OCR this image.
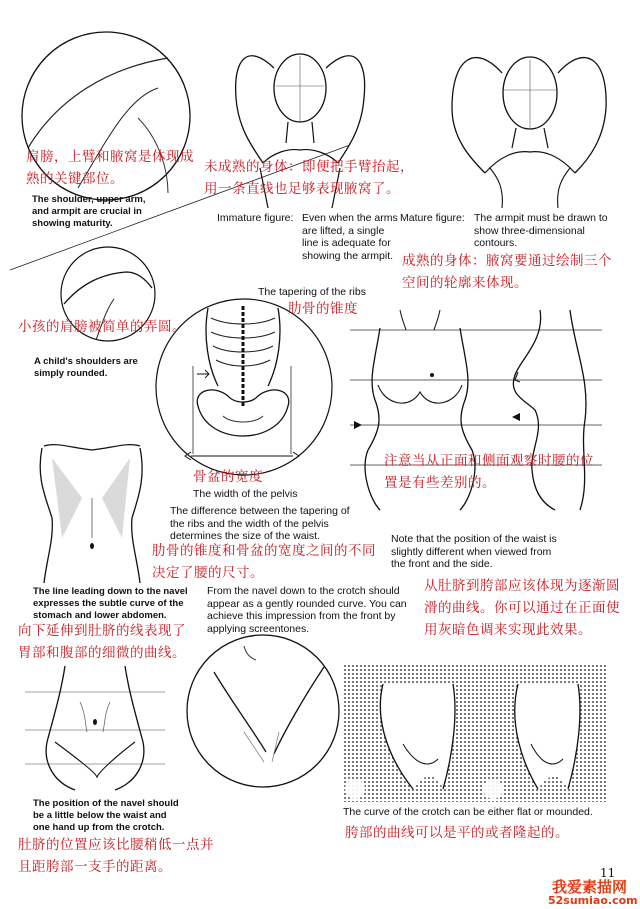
肩膀，上臂和腋窝是体现成熟的关键部位。
The shoulder, upper arm, and armpit are crucial in showing maturity.
未成熟的身体：即便把手臂抬起，用一条直线也足够表现腋窝了。
Immature figure: Even when the arms are lifted, a single line is adequate for showing the armpit.
Mature figure: The armpit must be drawn to show three-dimensional contours.
成熟的身体：腋窝要通过绘制三个空间的轮廓来体现。
The tapering of the ribs
肋骨的锥度
小孩的肩膀被简单的弄圆。
A child's shoulders are simply rounded.
骨盆的宽度
The width of the pelvis
The difference between the tapering of the ribs and the width of the pelvis determines the size of the waist.
肋骨的锥度和骨盆的宽度之间的不同决定了腰的尺寸。
注意当从正面和侧面观察时腰的位置是有些差别的。
Note that the position of the waist is slightly different when viewed from the front and the side.
The line leading down to the navel expresses the subtle curve of the stomach and lower abdomen.
向下延伸到肚脐的线表现了胃部和腹部的细微的曲线。
From the navel down to the crotch should appear as a gently rounded curve. You can achieve this impression from the front by applying screentones.
从肚脐到胯部应该体现为逐渐圆滑的曲线。你可以通过在正面使用灰暗色调来实现此效果。
The position of the navel should be a little below the waist and one hand up from the crotch.
肚脐的位置应该比腰稍低一点并且距胯部一支手的距离。
The curve of the crotch can be either flat or mounded.
胯部的曲线可以是平的或者隆起的。
11
我爱素描网
52sumiao.com
